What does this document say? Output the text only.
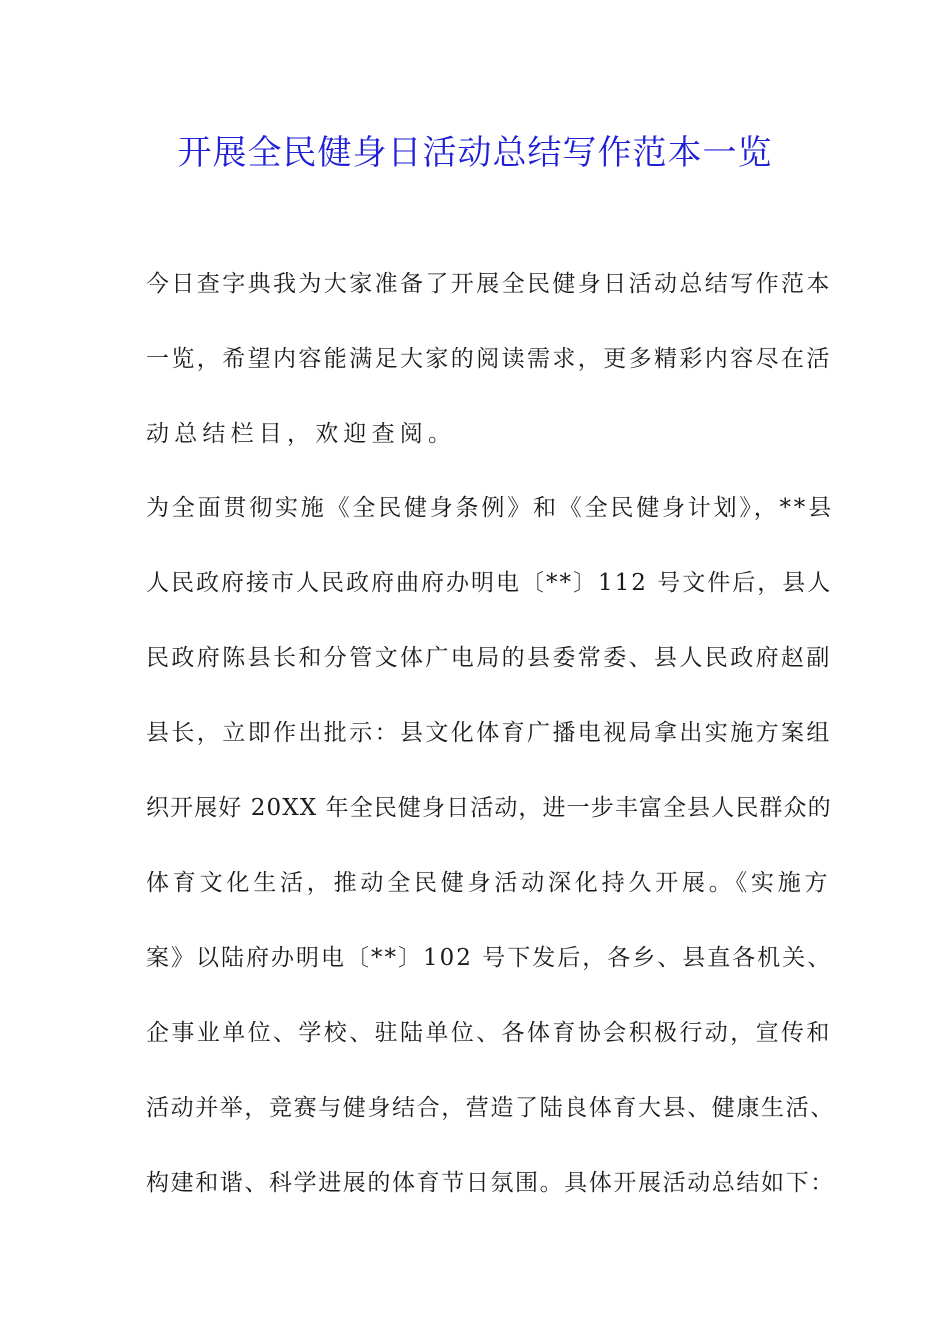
开展全民健身日活动总结写作范本一览
今日查字典我为大家准备了开展全民健身日活动总结写作范本
一览，希望内容能满足大家的阅读需求，更多精彩内容尽在活
动总结栏目，欢迎查阅。
为全面贯彻实施《全民健身条例》和《全民健身计划》，**县
人民政府接市人民政府曲府办明电〔**〕112 号文件后，县人
民政府陈县长和分管文体广电局的县委常委、县人民政府赵副
县长，立即作出批示：县文化体育广播电视局拿出实施方案组
织开展好 20XX 年全民健身日活动，进一步丰富全县人民群众的
体育文化生活，推动全民健身活动深化持久开展。《实施方
案》以陆府办明电〔**〕102 号下发后，各乡、县直各机关、
企事业单位、学校、驻陆单位、各体育协会积极行动，宣传和
活动并举，竞赛与健身结合，营造了陆良体育大县、健康生活、
构建和谐、科学进展的体育节日氛围。具体开展活动总结如下：
